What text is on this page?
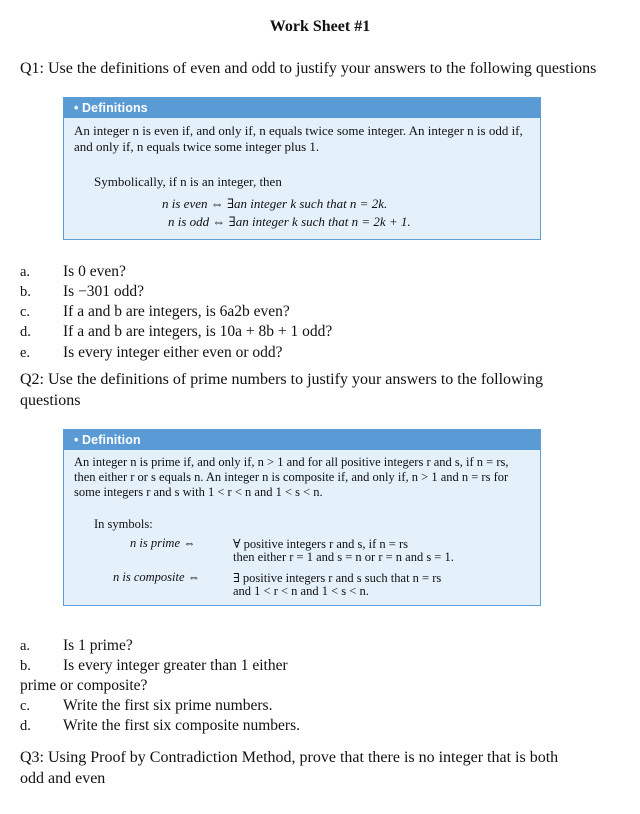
Work Sheet #1
Q1: Use the definitions of even and odd to justify your answers to the following questions
• Definitions
An integer n is even if, and only if, n equals twice some integer. An integer n is odd if, and only if, n equals twice some integer plus 1.
Symbolically, if n is an integer, then
n is even ⇔ ∃an integer k such that n = 2k.
n is odd ⇔ ∃an integer k such that n = 2k + 1.
a. Is 0 even?
b. Is −301 odd?
c. If a and b are integers, is 6a2b even?
d. If a and b are integers, is 10a + 8b + 1 odd?
e. Is every integer either even or odd?
Q2: Use the definitions of prime numbers to justify your answers to the following
questions
• Definition
An integer n is prime if, and only if, n > 1 and for all positive integers r and s, if n = rs, then either r or s equals n. An integer n is composite if, and only if, n > 1 and n = rs for some integers r and s with 1 < r < n and 1 < s < n.
In symbols:
n is prime ⇔	∀ positive integers r and s, if n = rs
then either r = 1 and s = n or r = n and s = 1.
n is composite ⇔	∃ positive integers r and s such that n = rs
and 1 < r < n and 1 < s < n.
a. Is 1 prime?
b. Is every integer greater than 1 either
prime or composite?
c. Write the first six prime numbers.
d. Write the first six composite numbers.
Q3: Using Proof by Contradiction Method, prove that there is no integer that is both
odd and even
